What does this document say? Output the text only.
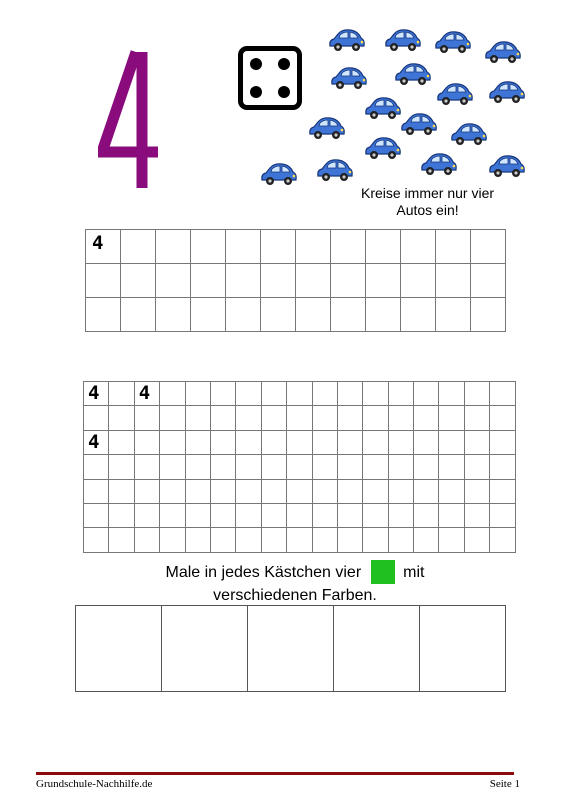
Kreise immer nur vier
Autos ein!
4											

4		4														

4																

Male in jedes Kästchen vier	mit
verschiedenen Farben.

Grundschule-Nachhilfe.de	Seite 1
